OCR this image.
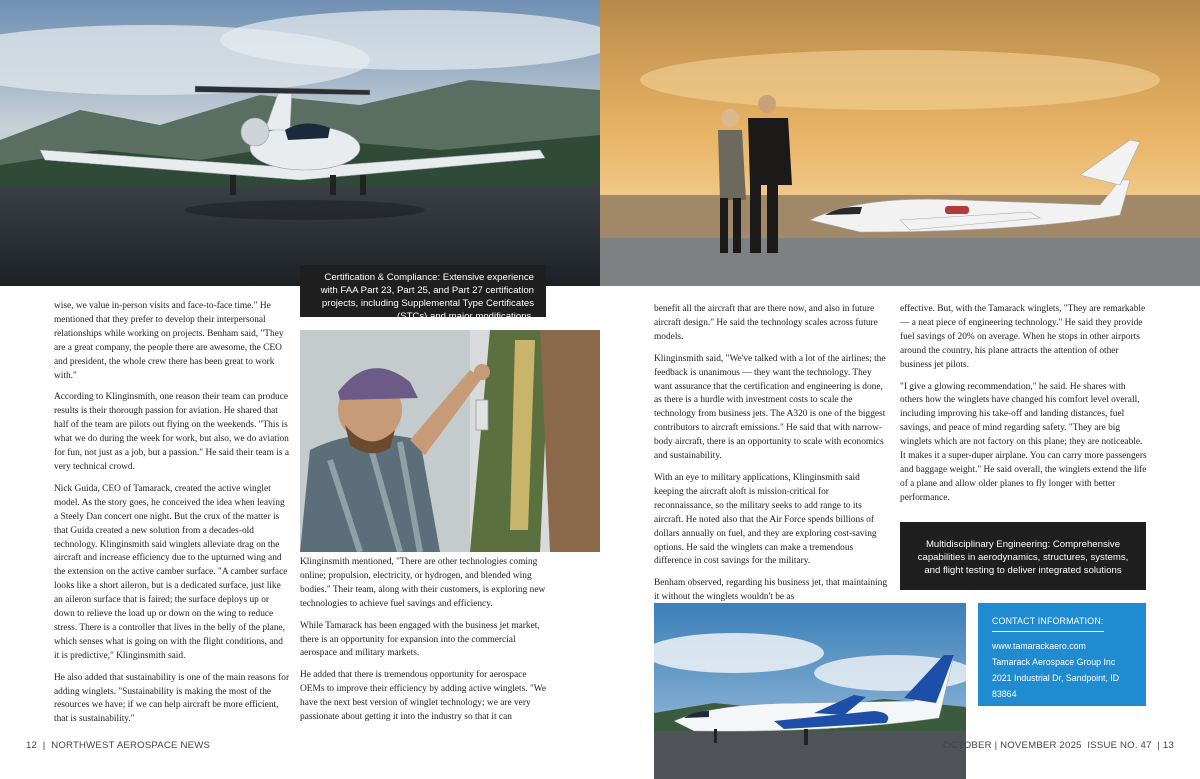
Certification & Compliance: Extensive experience with FAA Part 23, Part 25, and Part 27 certification projects, including Supplemental Type Certificates (STCs) and major modifications.

wise, we value in-person visits and face-to-face time." He mentioned that they prefer to develop their interpersonal relationships while working on projects. Benham said, "They are a great company, the people there are awesome, the CEO and president, the whole crew there has been great to work with."

According to Klinginsmith, one reason their team can produce results is their thorough passion for aviation. He shared that half of the team are pilots out flying on the weekends. "This is what we do during the week for work, but also, we do aviation for fun, not just as a job, but a passion." He said their team is a very technical crowd.

Nick Guida, CEO of Tamarack, created the active winglet model. As the story goes, he conceived the idea when leaving a Steely Dan concert one night. But the crux of the matter is that Guida created a new solution from a decades-old technology. Klinginsmith said winglets alleviate drag on the aircraft and increase efficiency due to the upturned wing and the extension on the active camber surface. "A camber surface looks like a short aileron, but is a dedicated surface, just like an aileron surface that is faired; the surface deploys up or down to relieve the load up or down on the wing to reduce stress. There is a controller that lives in the belly of the plane, which senses what is going on with the flight conditions, and it is predictive," Klinginsmith said.

He also added that sustainability is one of the main reasons for adding winglets. "Sustainability is making the most of the resources we have; if we can help aircraft be more efficient, that is sustainability."

Klinginsmith mentioned, "There are other technologies coming online; propulsion, electricity, or hydrogen, and blended wing bodies." Their team, along with their customers, is exploring new technologies to achieve fuel savings and efficiency.

While Tamarack has been engaged with the business jet market, there is an opportunity for expansion into the commercial aerospace and military markets.

He added that there is tremendous opportunity for aerospace OEMs to improve their efficiency by adding active winglets. "We have the next best version of winglet technology; we are very passionate about getting it into the industry so that it can

benefit all the aircraft that are there now, and also in future aircraft design." He said the technology scales across future models.

Klinginsmith said, "We've talked with a lot of the airlines; the feedback is unanimous — they want the technology. They want assurance that the certification and engineering is done, as there is a hurdle with investment costs to scale the technology from business jets. The A320 is one of the biggest contributors to aircraft emissions." He said that with narrow-body aircraft, there is an opportunity to scale with economics and sustainability.

With an eye to military applications, Klinginsmith said keeping the aircraft aloft is mission-critical for reconnaissance, so the military seeks to add range to its aircraft. He noted also that the Air Force spends billions of dollars annually on fuel, and they are exploring cost-saving options. He said the winglets can make a tremendous difference in cost savings for the military.

Benham observed, regarding his business jet, that maintaining it without the winglets wouldn't be as

effective. But, with the Tamarack winglets, "They are remarkable — a neat piece of engineering technology." He said they provide fuel savings of 20% on average. When he stops in other airports around the country, his plane attracts the attention of other business jet pilots.

"I give a glowing recommendation," he said. He shares with others how the winglets have changed his comfort level overall, including improving his take-off and landing distances, fuel savings, and peace of mind regarding safety. "They are big winglets which are not factory on this plane; they are noticeable. It makes it a super-duper airplane. You can carry more passengers and baggage weight." He said overall, the winglets extend the life of a plane and allow older planes to fly longer with better performance.

Multidisciplinary Engineering: Comprehensive capabilities in aerodynamics, structures, systems, and flight testing to deliver integrated solutions
CONTACT INFORMATION:
www.tamarackaero.com
Tamarack Aerospace Group Inc
2021 Industrial Dr, Sandpoint, ID 83864
(208) 255-4400
12  |  NORTHWEST AEROSPACE NEWS	OCTOBER | NOVEMBER 2025  ISSUE NO. 47  | 13
